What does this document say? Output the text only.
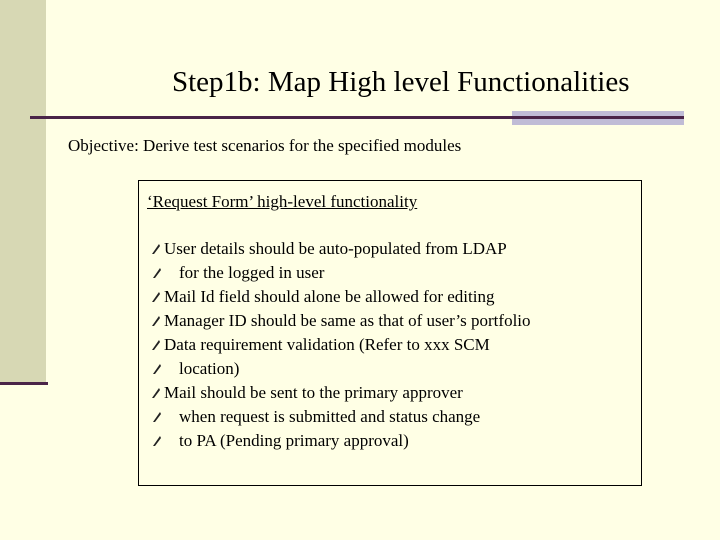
Step1b: Map High level Functionalities
Objective: Derive test scenarios for the specified modules
‘Request Form’ high-level functionality
User details should be auto-populated from LDAP
for the logged in user
Mail Id field should alone be allowed for editing
Manager ID should be same as that of user’s portfolio
Data requirement validation (Refer to xxx SCM
location)
Mail should be sent to the primary approver
when request is submitted and status change
to PA (Pending primary approval)
